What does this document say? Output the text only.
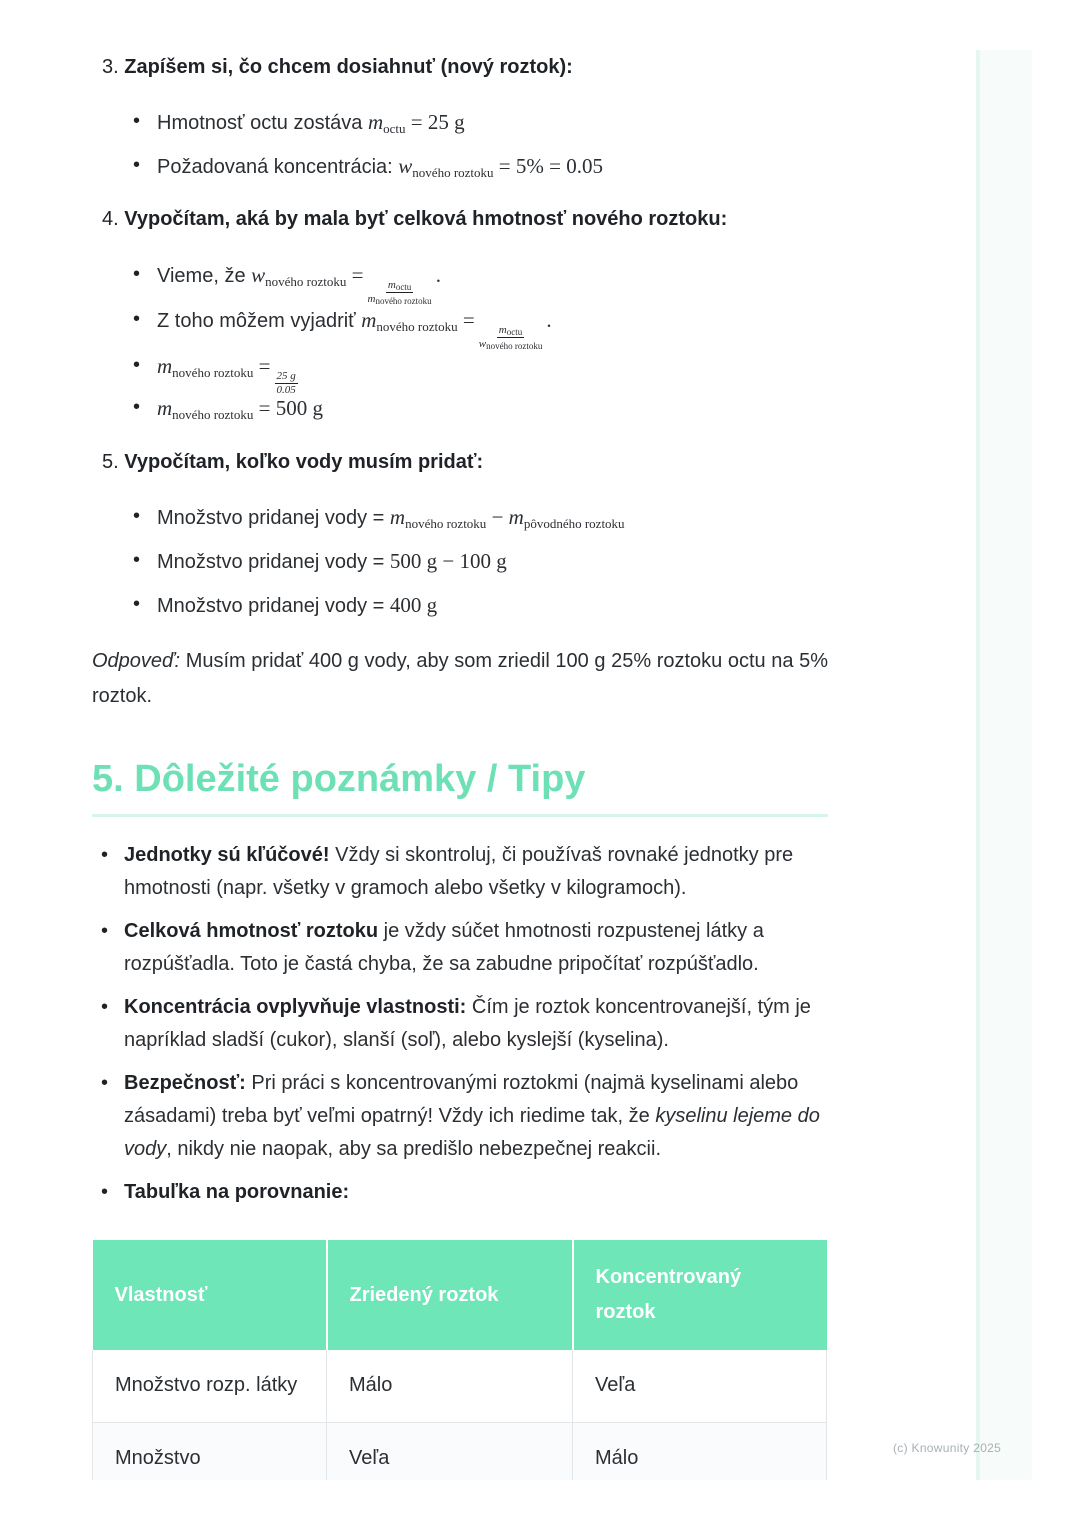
3. Zapíšem si, čo chcem dosiahnuť (nový roztok):
• Hmotnosť octu zostáva
moctu = 25 g
• Požadovaná koncentrácia:
wnového roztoku = 5% = 0.05
4. Vypočítam, aká by mala byť celková hmotnosť nového roztoku:
• Vieme, že
wnového roztoku =
$\frac{\text{moctu}}{\text{mnového roztoku}}$
.
• Z toho môžem vyjadriť
mnového roztoku =
$\frac{\text{moctu}}{\text{wnového roztoku}}$
.
• mnového roztoku =
$\frac{25 g}{0.05}$
• mnového roztoku = 500 g
5. Vypočítam, koľko vody musím pridať:
• Množstvo pridanej vody =
mnového roztoku − mpôvodného roztoku
• Množstvo pridanej vody =
500 g − 100 g
• Množstvo pridanej vody =
400 g

Odpoveď: Musím pridať 400 g vody, aby som zriedil 100 g 25% roztoku octu na 5% roztok.

5. Dôležité poznámky / Tipy
• Jednotky sú kľúčové! Vždy si skontroluj, či používaš rovnaké jednotky pre hmotnosti (napr. všetky v gramoch alebo všetky v kilogramoch).
• Celková hmotnosť roztoku je vždy súčet hmotnosti rozpustenej látky a rozpúšťadla. Toto je častá chyba, že sa zabudne pripočítať rozpúšťadlo.
• Koncentrácia ovplyvňuje vlastnosti: Čím je roztok koncentrovanejší, tým je napríklad sladší (cukor), slanší (soľ), alebo kyslejší (kyselina).
• Bezpečnosť: Pri práci s koncentrovanými roztokmi (najmä kyselinami alebo zásadami) treba byť veľmi opatrný! Vždy ich riedime tak, že kyselinu lejeme do vody, nikdy nie naopak, aby sa predišlo nebezpečnej reakcii.
• Tabuľka na porovnanie:
Vlastnosť	Zriedený roztok	Koncentrovaný roztok
Množstvo rozp. látky	Málo	Veľa
Množstvo	Veľa	Málo	(c) Knowunity 2025
